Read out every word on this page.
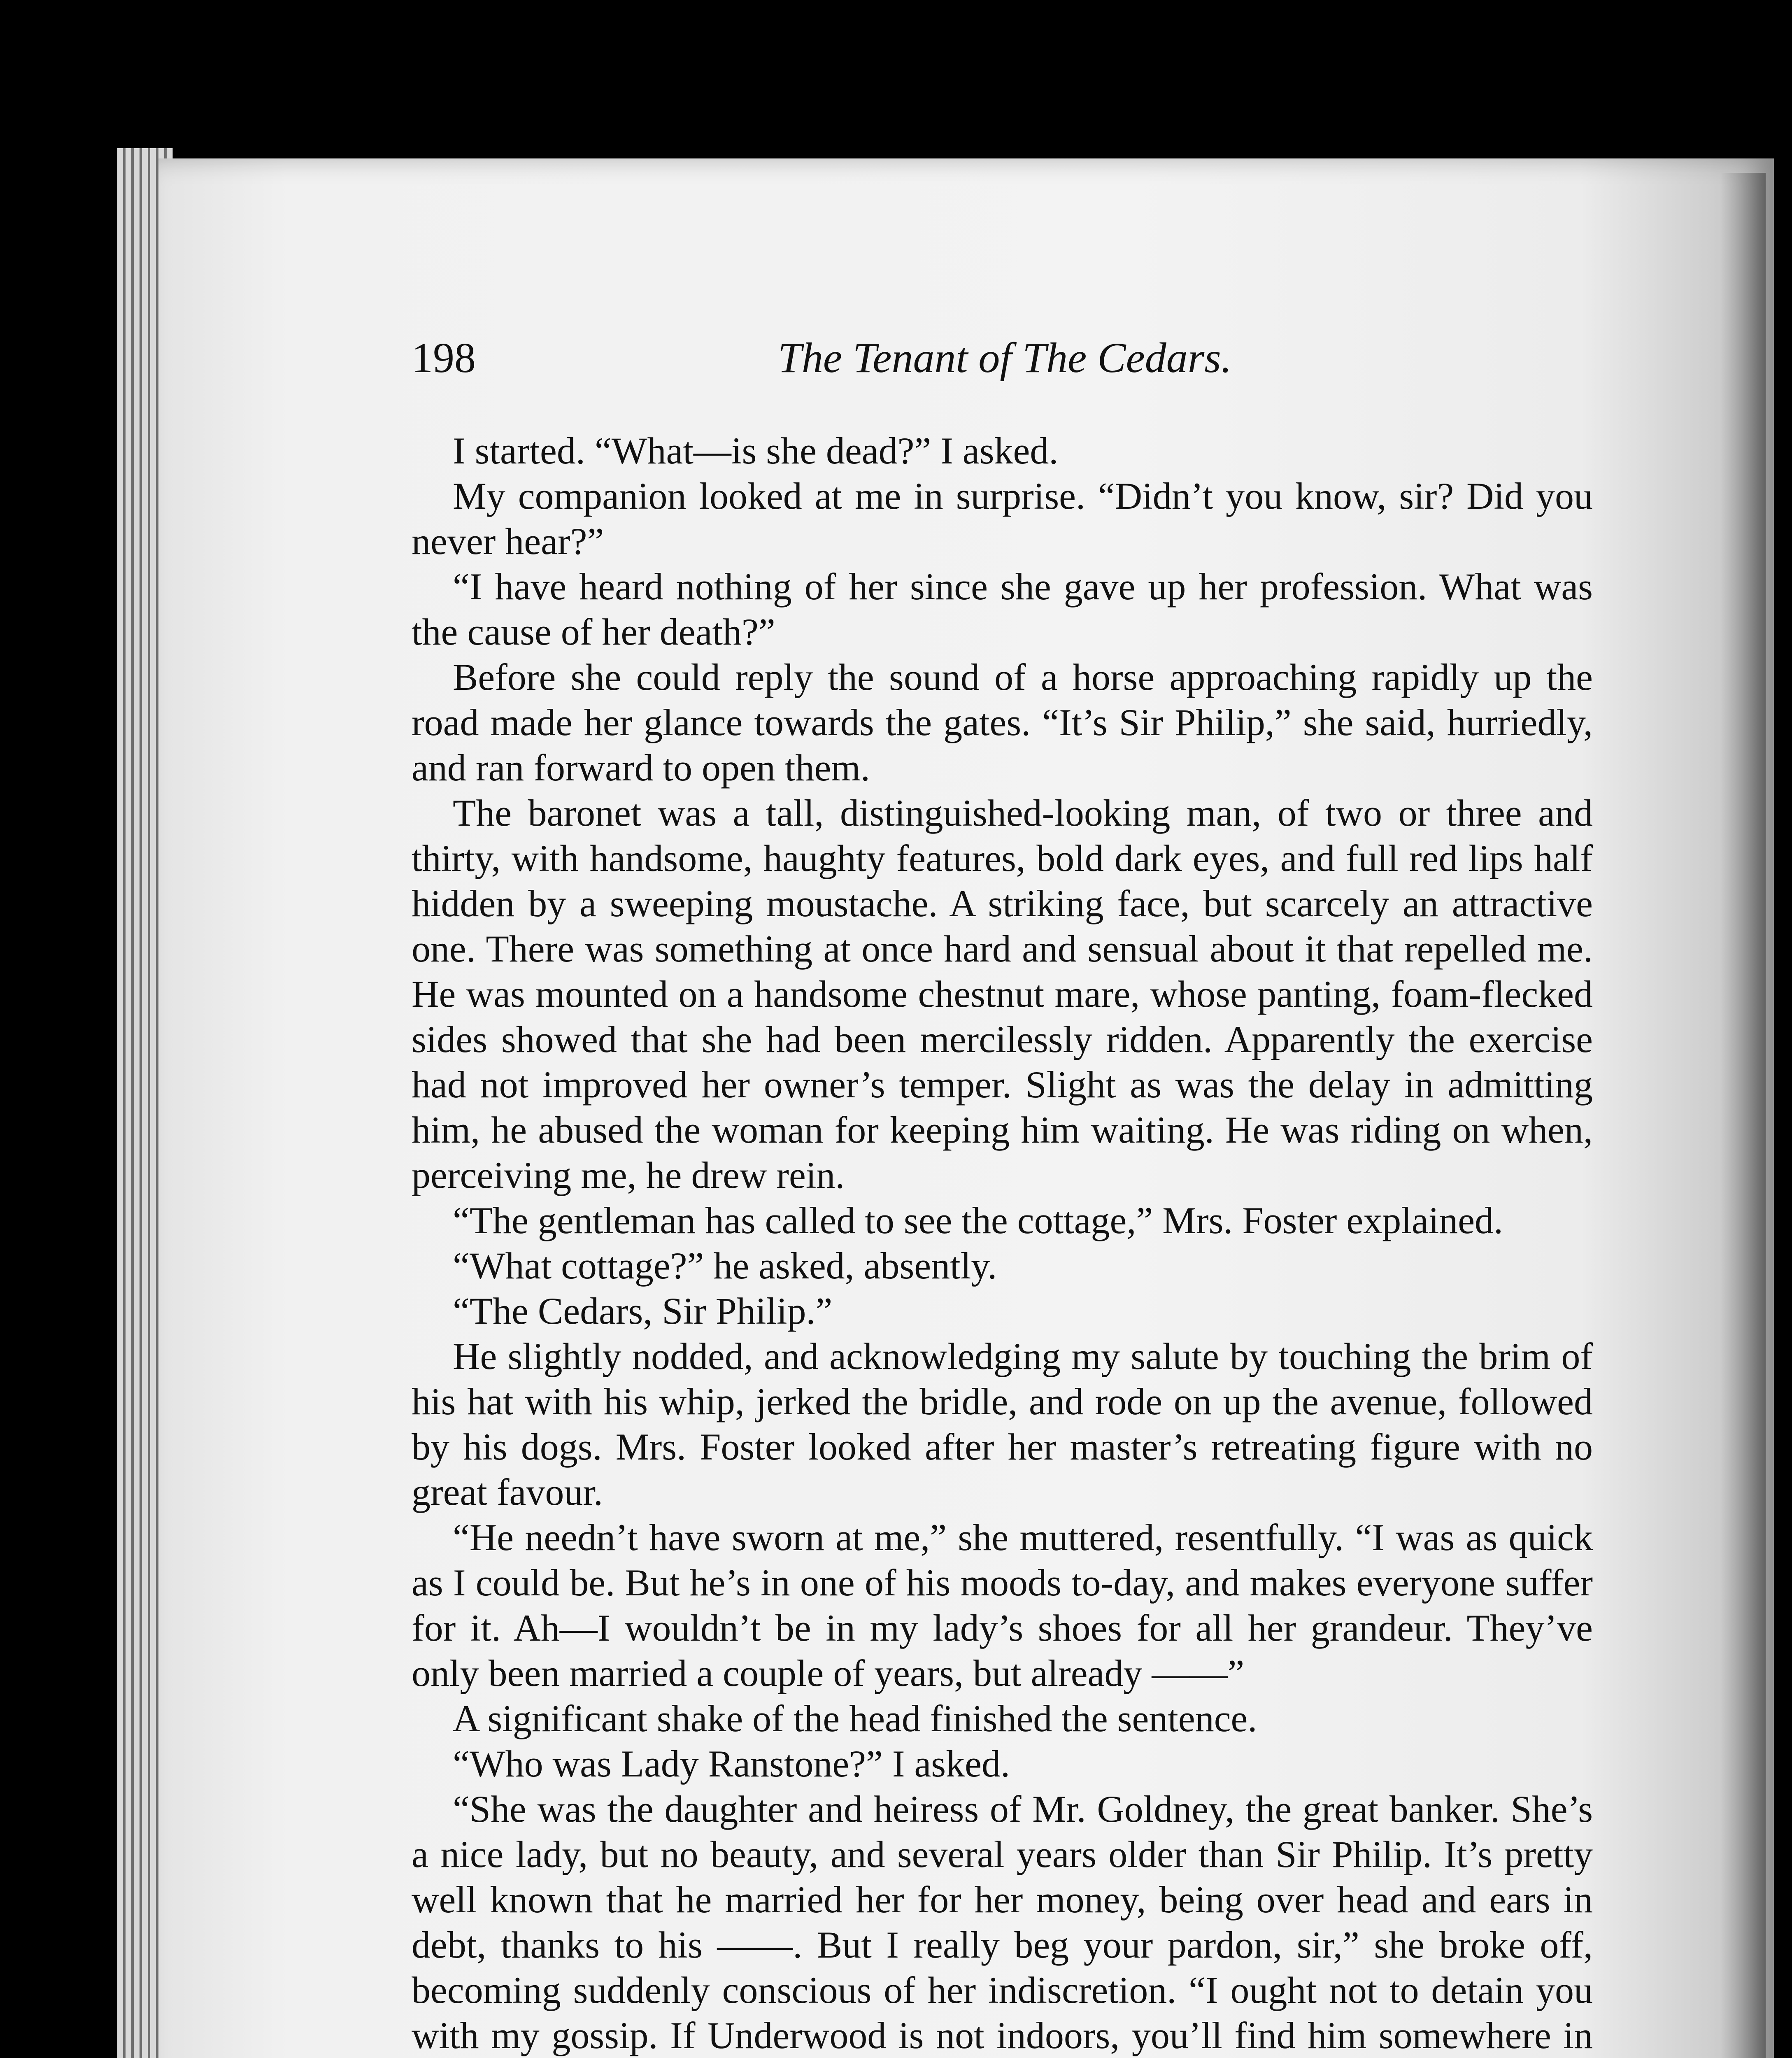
198	The Tenant of The Cedars.

I started. “What—is she dead?” I asked.

My companion looked at me in surprise. “Didn’t you know, sir? Did you never hear?”

“I have heard nothing of her since she gave up her profession. What was the cause of her death?”

Before she could reply the sound of a horse approaching rapidly up the road made her glance towards the gates. “It’s Sir Philip,” she said, hurriedly, and ran forward to open them.

The baronet was a tall, distinguished-looking man, of two or three and thirty, with handsome, haughty features, bold dark eyes, and full red lips half hidden by a sweeping moustache. A striking face, but scarcely an attractive one. There was something at once hard and sensual about it that repelled me. He was mounted on a handsome chestnut mare, whose panting, foam-flecked sides showed that she had been mercilessly ridden. Apparently the exercise had not improved her owner’s temper. Slight as was the delay in admitting him, he abused the woman for keeping him waiting. He was riding on when, perceiving me, he drew rein.

“The gentleman has called to see the cottage,” Mrs. Foster explained.

“What cottage?” he asked, absently.

“The Cedars, Sir Philip.”

He slightly nodded, and acknowledging my salute by touching the brim of his hat with his whip, jerked the bridle, and rode on up the avenue, followed by his dogs. Mrs. Foster looked after her master’s retreating figure with no great favour.

“He needn’t have sworn at me,” she muttered, resentfully. “I was as quick as I could be. But he’s in one of his moods to-day, and makes everyone suffer for it. Ah—I wouldn’t be in my lady’s shoes for all her grandeur. They’ve only been married a couple of years, but already ——”

A significant shake of the head finished the sentence.

“Who was Lady Ranstone?” I asked.

“She was the daughter and heiress of Mr. Goldney, the great banker. She’s a nice lady, but no beauty, and several years older than Sir Philip. It’s pretty well known that he married her for her money, being over head and ears in debt, thanks to his ——. But I really beg your pardon, sir,” she broke off, becoming suddenly conscious of her indiscretion. “I ought not to detain you with my gossip. If Underwood is not indoors, you’ll find him somewhere in
